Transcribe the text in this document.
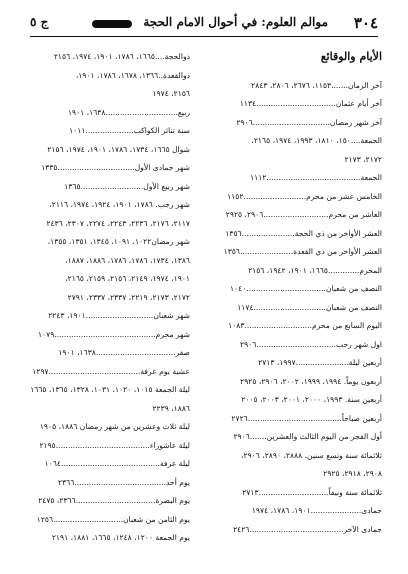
٣٠٤
موالم العلوم: في أحوال الامام الحجة
ج ٥
الأيام والوقائع
آخر الزمان.......١١٥٣، ٢٦٧٦، ٢٨٠٦، ٢٨٤٣
آخر أيام عثمان.................................١١٣٤
آخر شهر رمضان................................٢٩٠٦
الجمعة....١٥٠، ١٨١٠، ١٩٩٣، ١٩٧٤، ٢١٦٥،
٢١٧٢، ٢١٧٣
الجمعة.......................................١١١٢
الخامس عشر من محرم..........................١١٥٢
العاشر من محرم...........................٢٩٠٦، ٢٩٢٥
العشر الأواخر من ذي الحجة......................١٣٥٦
العشر الأواخر من ذي القعدة......................١٣٥٦
المحرم.............١٦٦٥، ١٩٠١، ١٩٤٢، ٢١٥٦
النصف من شعبان.................................١٠٤٠
النصف من شعبان..............................١١٧٤
اليوم السابع من محرم............................١٠٨٣
اول شهر رجب.................................٢٩٠٦
أربعين ليلة......................١٩٩٧، ٢٧١٣
أربعون يوماً. ١٩٩٤، ١٩٩٩، ٢٠٠٢، ٢٩٠٦، ٢٩٢٥
أربعين سنة. ١٩٩٣، ٢٠٠٠، ٢٠٠١، ٢٠٠٣، ٢٠٠٥
أربعين صباحاً.......................................٢٧٢٦
أول الفجر من اليوم الثالث والعشرين.......٢٩٠٦
ثلاثمائة سنة وتسع سنين. ٢٨٨٨، ٢٨٩٠، ٢٩٠٦،
٢٩٠٨، ٢٩١٨، ٢٩٢٥
ثلاثمائة سنة ونيفاً.............................٢٧١٣
جمادى.....................١٩٠١، ١٧٨٦، ١٩٧٤
جمادى الآخر.......................................٢٤٢٦
ذوالحجة....١٦٦٥، ١٧٨٦، ١٩٠١، ١٩٧٤، ٢١٥٦
ذوالقعدة..١٣٦٦، ١٦٧٨، ١٧٨٦، ١٩٠١،
٢١٥٦، ١٩٧٤
ربيع..............................١٦٣٨، ١٩٠١
سنة تناثر الكواكب....................١٠١١
شوال ١٦٦٥، ١٧٣٤، ١٧٨٦، ١٩٠١، ١٩٧٤، ٢١٥٦
شهر جمادى الأول................................١٣٣٥
شهر ربيع الأول..........................١٣٦٥
شهر رجب. ١٧٨٦، ١٩٠١، ١٩٢٤، ١٩٧٤، ٢١١٦،
٢١١٧، ٢١٧٦، ٢٢٣٦، ٢٢٤٣، ٢٢٧٤، ٢٣٠٧، ٢٤٣٦
شهر رمضان١٠٢٢، ١٠٩١، ١٣٤٥، ١٣٥١، ١٣٥٥،
١٣٨٦، ١٧٣٤، ١٧٨٦، ١٧٨٦، ١٨٨٦، ١٨٨٧،
١٩٠١، ١٩٧٤، ٢١٤٩، ٢١٥٦، ٢١٥٩، ٢١٦٥،
٢١٧٢، ٢١٧٣، ٢٢١٩، ٢٣٣٧، ٢٣٣٧، ٢٧٩١
شهر شعبان............................١٩٠١، ٢٢٤٣
شهر محرم..........................................١٠٧٩
صفر.................................١٦٣٨، ١٩٠١
عشية يوم عرفة......................................١٢٩٧
ليلة الجمعة ١٠١٥، ١٠٢٠، ١٠٣١، ١٣٢٨، ١٣٦٥، ١٦٦٥
١٨٨٦، ٢٢٣٩
ليلة ثلاث وعشرين من شهر رمضان ١٨٨٦، ١٩٠٥
ليلة عاشوراء.......................................٢١٩٥
ليلة عرفة.........................................١٠٦٤
يوم أحد......................................٢٣٦٦
يوم البصرة.................................٢٣٦٦، ٢٤٧٥
يوم الثامن من شعبان.............................١٢٥٦
يوم الجمعة ١٢٠٠، ١٢٤٨، ١٦٦٥، ١٨٨١، ٢١٩١
